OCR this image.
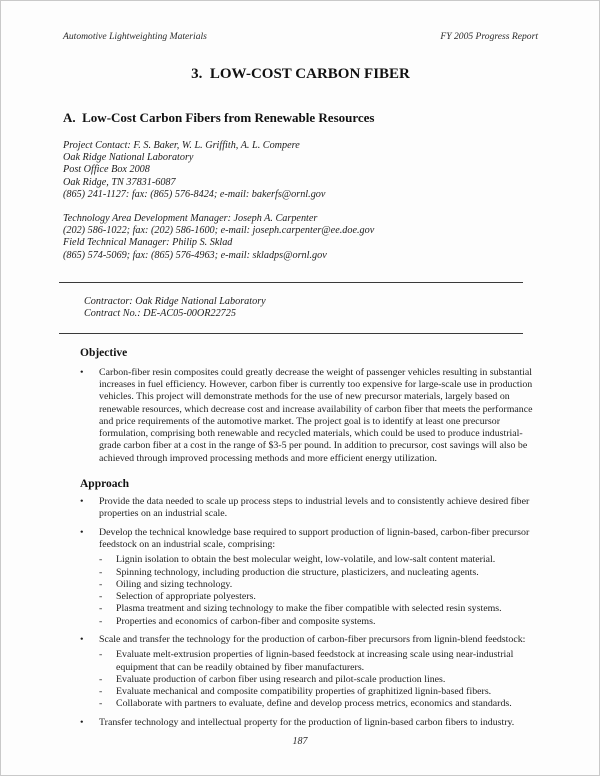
Automotive Lightweighting Materials	FY 2005 Progress Report
3.  LOW-COST CARBON FIBER
A.  Low-Cost Carbon Fibers from Renewable Resources
Project Contact: F. S. Baker, W. L. Griffith, A. L. Compere
Oak Ridge National Laboratory
Post Office Box 2008
Oak Ridge, TN 37831-6087
(865) 241-1127: fax: (865) 576-8424; e-mail: bakerfs@ornl.gov
Technology Area Development Manager: Joseph A. Carpenter
(202) 586-1022; fax: (202) 586-1600; e-mail: joseph.carpenter@ee.doe.gov
Field Technical Manager: Philip S. Sklad
(865) 574-5069; fax: (865) 576-4963; e-mail: skladps@ornl.gov
Contractor: Oak Ridge National Laboratory
Contract No.: DE-AC05-00OR22725
Objective
•	Carbon-fiber resin composites could greatly decrease the weight of passenger vehicles resulting in substantial increases in fuel efficiency. However, carbon fiber is currently too expensive for large-scale use in production vehicles. This project will demonstrate methods for the use of new precursor materials, largely based on renewable resources, which decrease cost and increase availability of carbon fiber that meets the performance and price requirements of the automotive market. The project goal is to identify at least one precursor formulation, comprising both renewable and recycled materials, which could be used to produce industrial-grade carbon fiber at a cost in the range of $3-5 per pound. In addition to precursor, cost savings will also be achieved through improved processing methods and more efficient energy utilization.
Approach
•	Provide the data needed to scale up process steps to industrial levels and to consistently achieve desired fiber properties on an industrial scale.
•	Develop the technical knowledge base required to support production of lignin-based, carbon-fiber precursor feedstock on an industrial scale, comprising:
-	Lignin isolation to obtain the best molecular weight, low-volatile, and low-salt content material.
-	Spinning technology, including production die structure, plasticizers, and nucleating agents.
-	Oiling and sizing technology.
-	Selection of appropriate polyesters.
-	Plasma treatment and sizing technology to make the fiber compatible with selected resin systems.
-	Properties and economics of carbon-fiber and composite systems.
•	Scale and transfer the technology for the production of carbon-fiber precursors from lignin-blend feedstock:
-	Evaluate melt-extrusion properties of lignin-based feedstock at increasing scale using near-industrial equipment that can be readily obtained by fiber manufacturers.
-	Evaluate production of carbon fiber using research and pilot-scale production lines.
-	Evaluate mechanical and composite compatibility properties of graphitized lignin-based fibers.
-	Collaborate with partners to evaluate, define and develop process metrics, economics and standards.
•	Transfer technology and intellectual property for the production of lignin-based carbon fibers to industry.
187
